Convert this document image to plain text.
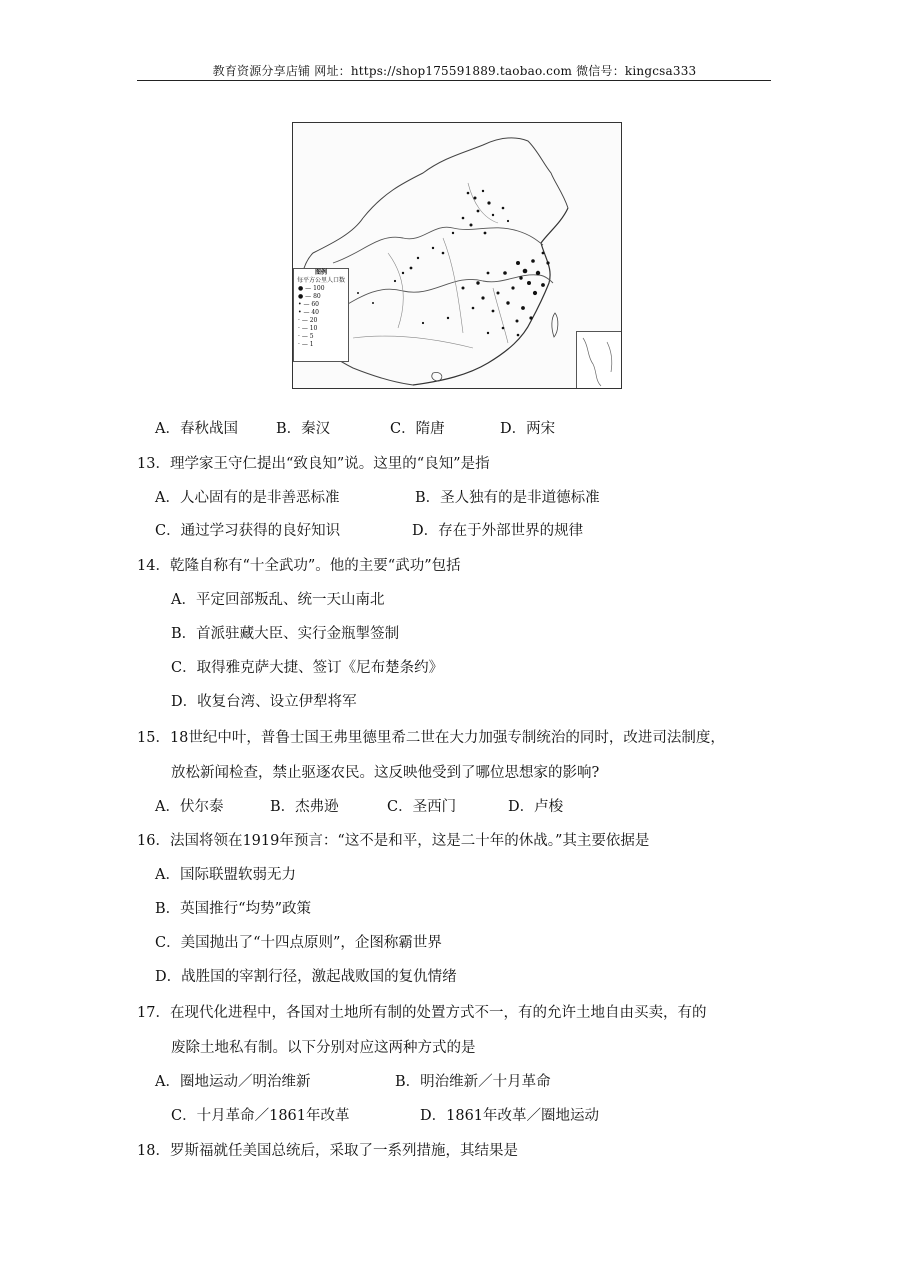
教育资源分享店铺 网址：https://shop175591889.taobao.com 微信号：kingcsa333
图例
每平方公里人口数
● — 100
● — 80
• — 60
• — 40
· — 20
· — 10
· — 5
· — 1
A．春秋战国	B．秦汉	C．隋唐	D．两宋
13．理学家王守仁提出“致良知”说。这里的“良知”是指
A．人心固有的是非善恶标准	B．圣人独有的是非道德标准
C．通过学习获得的良好知识	D．存在于外部世界的规律
14．乾隆自称有“十全武功”。他的主要“武功”包括
A．平定回部叛乱、统一天山南北
B．首派驻藏大臣、实行金瓶掣签制
C．取得雅克萨大捷、签订《尼布楚条约》
D．收复台湾、设立伊犁将军
15．18世纪中叶，普鲁士国王弗里德里希二世在大力加强专制统治的同时，改进司法制度，
放松新闻检查，禁止驱逐农民。这反映他受到了哪位思想家的影响?
A．伏尔泰	B．杰弗逊	C．圣西门	D．卢梭
16．法国将领在1919年预言：“这不是和平，这是二十年的休战。”其主要依据是
A．国际联盟软弱无力
B．英国推行“均势”政策
C．美国抛出了“十四点原则”，企图称霸世界
D．战胜国的宰割行径，激起战败国的复仇情绪
17．在现代化进程中，各国对土地所有制的处置方式不一，有的允许土地自由买卖，有的
废除土地私有制。以下分别对应这两种方式的是
A．圈地运动／明治维新	B．明治维新／十月革命
C．十月革命／1861年改革	D．1861年改革／圈地运动
18．罗斯福就任美国总统后，采取了一系列措施，其结果是
